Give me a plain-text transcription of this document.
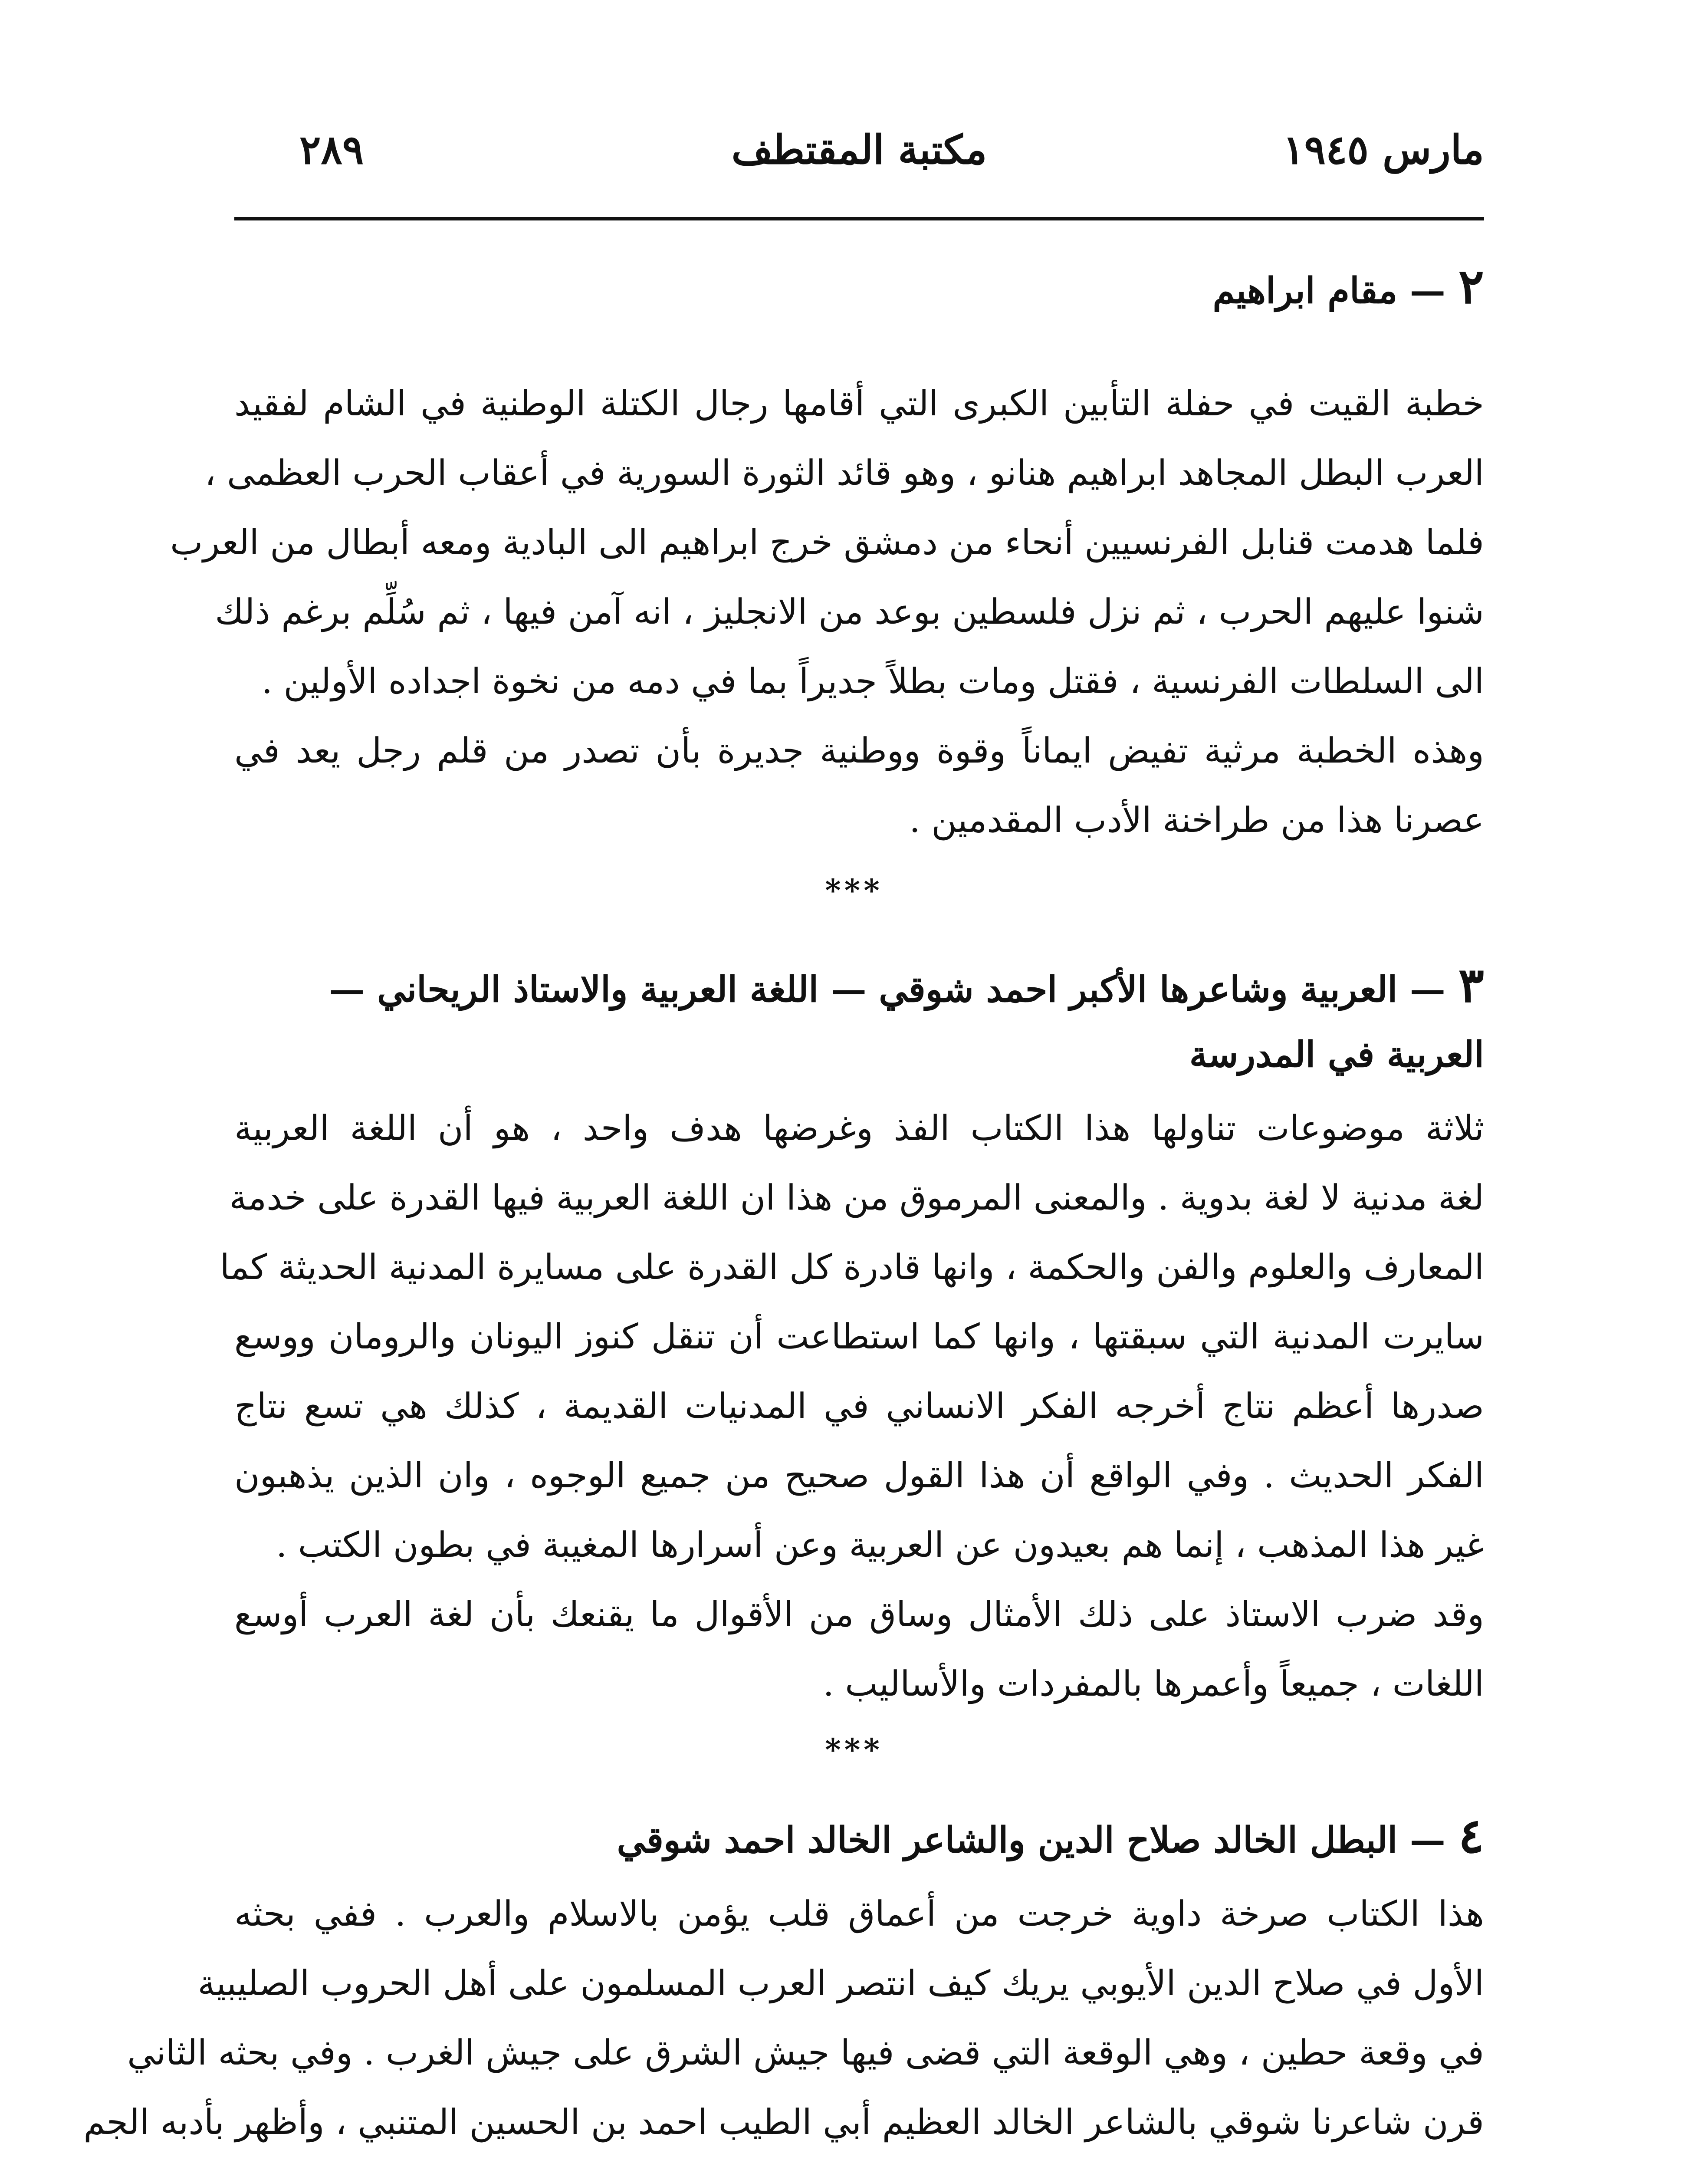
٢٨٩	مكتبة المقتطف	مارس ١٩٤٥
٢— مقام ابراهيم
خطبة القيت في حفلة التأبين الكبرى التي أقامها رجال الكتلة الوطنية في الشام لفقيد
العرب البطل المجاهد ابراهيم هنانو ، وهو قائد الثورة السورية في أعقاب الحرب العظمى ،
فلما هدمت قنابل الفرنسيين أنحاء من دمشق خرج ابراهيم الى البادية ومعه أبطال من العرب
شنوا عليهم الحرب ، ثم نزل فلسطين بوعد من الانجليز ، انه آمن فيها ، ثم سُلِّم برغم ذلك
الى السلطات الفرنسية ، فقتل ومات بطلاً جديراً بما في دمه من نخوة اجداده الأولين .
وهذه الخطبة مرثية تفيض ايماناً وقوة ووطنية جديرة بأن تصدر من قلم رجل يعد في
عصرنا هذا من طراخنة الأدب المقدمين .
***
٣— العربية وشاعرها الأكبر احمد شوقي — اللغة العربية والاستاذ الريحاني —
العربية في المدرسة
ثلاثة موضوعات تناولها هذا الكتاب الفذ وغرضها هدف واحد ، هو أن اللغة العربية
لغة مدنية لا لغة بدوية . والمعنى المرموق من هذا ان اللغة العربية فيها القدرة على خدمة
المعارف والعلوم والفن والحكمة ، وانها قادرة كل القدرة على مسايرة المدنية الحديثة كما
سايرت المدنية التي سبقتها ، وانها كما استطاعت أن تنقل كنوز اليونان والرومان ووسع
صدرها أعظم نتاج أخرجه الفكر الانساني في المدنيات القديمة ، كذلك هي تسع نتاج
الفكر الحديث . وفي الواقع أن هذا القول صحيح من جميع الوجوه ، وان الذين يذهبون
غير هذا المذهب ، إنما هم بعيدون عن العربية وعن أسرارها المغيبة في بطون الكتب .
وقد ضرب الاستاذ على ذلك الأمثال وساق من الأقوال ما يقنعك بأن لغة العرب أوسع
اللغات ، جميعاً وأعمرها بالمفردات والأساليب .
***
٤— البطل الخالد صلاح الدين والشاعر الخالد احمد شوقي
هذا الكتاب صرخة داوية خرجت من أعماق قلب يؤمن بالاسلام والعرب . ففي بحثه
الأول في صلاح الدين الأيوبي يريك كيف انتصر العرب المسلمون على أهل الحروب الصليبية
في وقعة حطين ، وهي الوقعة التي قضى فيها جيش الشرق على جيش الغرب . وفي بحثه الثاني
قرن شاعرنا شوقي بالشاعر الخالد العظيم أبي الطيب احمد بن الحسين المتنبي ، وأظهر بأدبه الجم
